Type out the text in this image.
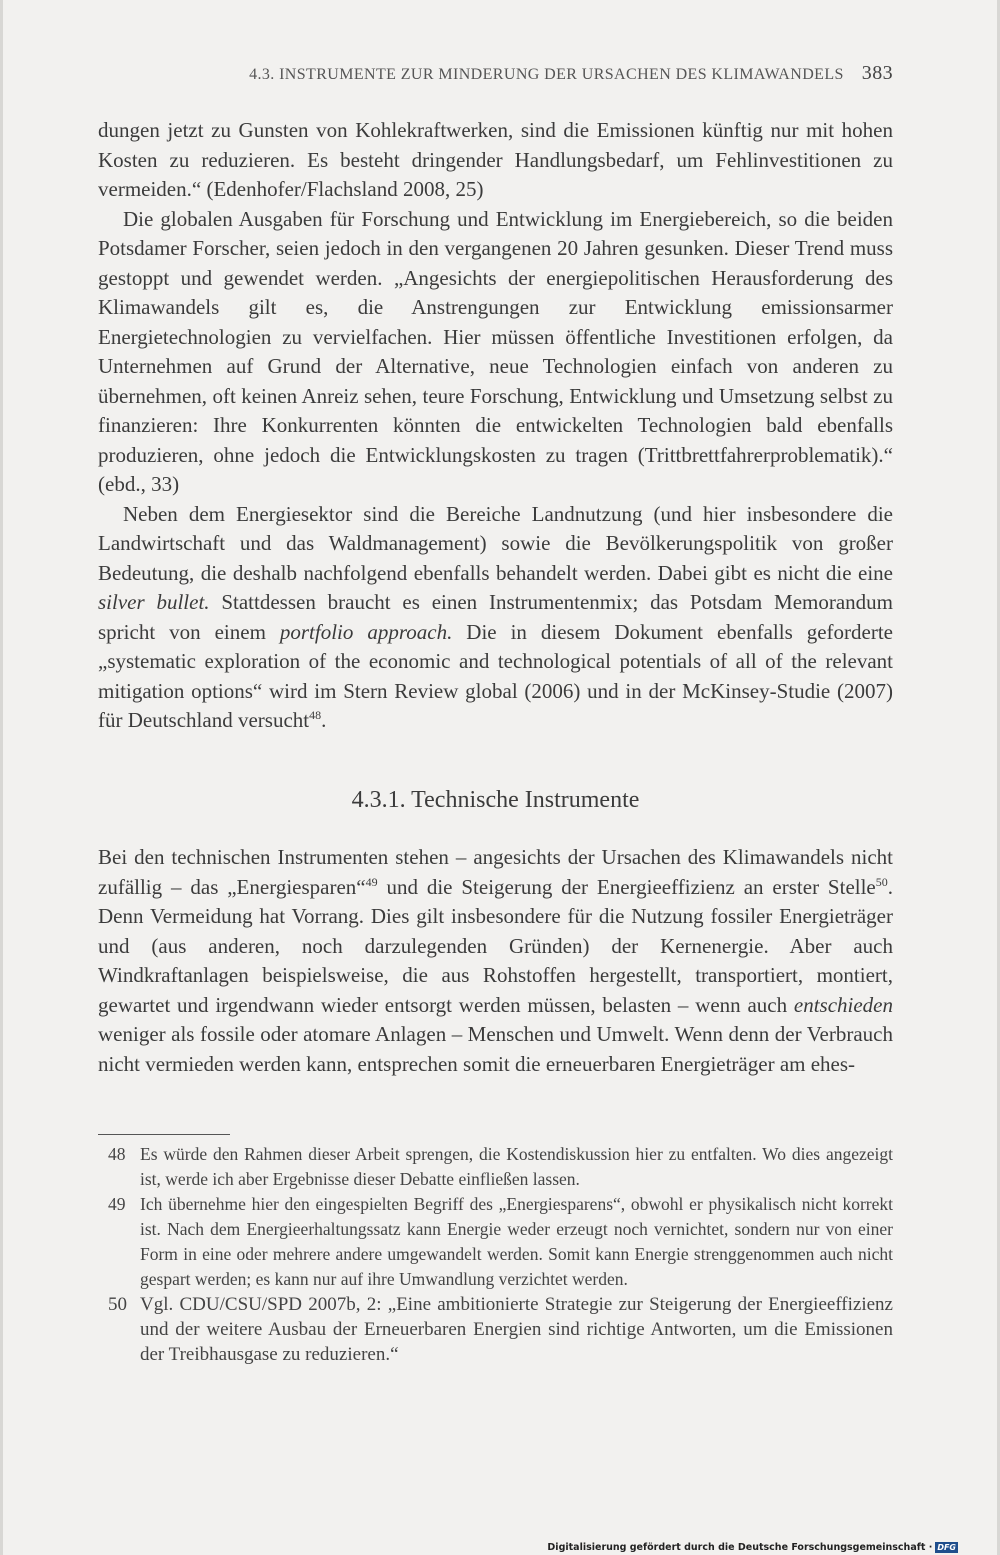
4.3. INSTRUMENTE ZUR MINDERUNG DER URSACHEN DES KLIMAWANDELS 383

dungen jetzt zu Gunsten von Kohlekraftwerken, sind die Emissionen künftig nur mit hohen Kosten zu reduzieren. Es besteht dringender Handlungsbedarf, um Fehlinvestitionen zu vermeiden.“ (Edenhofer/Flachsland 2008, 25)

Die globalen Ausgaben für Forschung und Entwicklung im Energiebereich, so die beiden Potsdamer Forscher, seien jedoch in den vergangenen 20 Jahren gesunken. Dieser Trend muss gestoppt und gewendet werden. „Angesichts der energiepolitischen Herausforderung des Klimawandels gilt es, die Anstrengungen zur Entwicklung emissionsarmer Energietechnologien zu vervielfachen. Hier müssen öffentliche Investitionen erfolgen, da Unternehmen auf Grund der Alternative, neue Technologien einfach von anderen zu übernehmen, oft keinen Anreiz sehen, teure Forschung, Entwicklung und Umsetzung selbst zu finanzieren: Ihre Konkurrenten könnten die entwickelten Technologien bald ebenfalls produzieren, ohne jedoch die Entwicklungskosten zu tragen (Trittbrettfahrerproblematik).“ (ebd., 33)

Neben dem Energiesektor sind die Bereiche Landnutzung (und hier insbesondere die Landwirtschaft und das Waldmanagement) sowie die Bevölkerungspolitik von großer Bedeutung, die deshalb nachfolgend ebenfalls behandelt werden. Dabei gibt es nicht die eine silver bullet. Stattdessen braucht es einen Instrumentenmix; das Potsdam Memorandum spricht von einem portfolio approach. Die in diesem Dokument ebenfalls geforderte „systematic exploration of the economic and technological potentials of all of the relevant mitigation options“ wird im Stern Review global (2006) und in der McKinsey-Studie (2007) für Deutschland versucht$^{48}$.

4.3.1. Technische Instrumente

Bei den technischen Instrumenten stehen – angesichts der Ursachen des Klimawandels nicht zufällig – das „Energiesparen“$^{49}$ und die Steigerung der Energieeffizienz an erster Stelle$^{50}$. Denn Vermeidung hat Vorrang. Dies gilt insbesondere für die Nutzung fossiler Energieträger und (aus anderen, noch darzulegenden Gründen) der Kernenergie. Aber auch Windkraftanlagen beispielsweise, die aus Rohstoffen hergestellt, transportiert, montiert, gewartet und irgendwann wieder entsorgt werden müssen, belasten – wenn auch entschieden weniger als fossile oder atomare Anlagen – Menschen und Umwelt. Wenn denn der Verbrauch nicht vermieden werden kann, entsprechen somit die erneuerbaren Energieträger am ehes-

48 Es würde den Rahmen dieser Arbeit sprengen, die Kostendiskussion hier zu entfalten. Wo dies angezeigt ist, werde ich aber Ergebnisse dieser Debatte einfließen lassen.
49 Ich übernehme hier den eingespielten Begriff des „Energiesparens“, obwohl er physikalisch nicht korrekt ist. Nach dem Energieerhaltungssatz kann Energie weder erzeugt noch vernichtet, sondern nur von einer Form in eine oder mehrere andere umgewandelt werden. Somit kann Energie strenggenommen auch nicht gespart werden; es kann nur auf ihre Umwandlung verzichtet werden.
50 Vgl. CDU/CSU/SPD 2007b, 2: „Eine ambitionierte Strategie zur Steigerung der Energieeffizienz und der weitere Ausbau der Erneuerbaren Energien sind richtige Antworten, um die Emissionen der Treibhausgase zu reduzieren.“
Digitalisierung gefördert durch die Deutsche Forschungsgemeinschaft · DFG
